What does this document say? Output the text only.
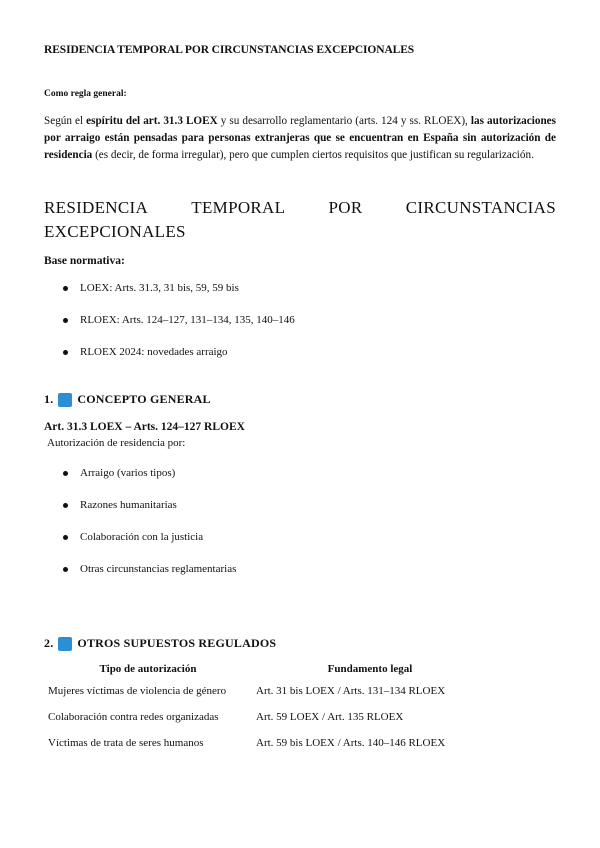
RESIDENCIA TEMPORAL POR CIRCUNSTANCIAS EXCEPCIONALES
Como regla general:
Según el espíritu del art. 31.3 LOEX y su desarrollo reglamentario (arts. 124 y ss. RLOEX), las autorizaciones por arraigo están pensadas para personas extranjeras que se encuentran en España sin autorización de residencia (es decir, de forma irregular), pero que cumplen ciertos requisitos que justifican su regularización.
RESIDENCIA	TEMPORAL	POR	CIRCUNSTANCIAS
EXCEPCIONALES
Base normativa:
LOEX: Arts. 31.3, 31 bis, 59, 59 bis
RLOEX: Arts. 124–127, 131–134, 135, 140–146
RLOEX 2024: novedades arraigo
1. CONCEPTO GENERAL
Art. 31.3 LOEX – Arts. 124–127 RLOEX
Autorización de residencia por:
Arraigo (varios tipos)
Razones humanitarias
Colaboración con la justicia
Otras circunstancias reglamentarias
2. OTROS SUPUESTOS REGULADOS
Tipo de autorización	Fundamento legal
Mujeres víctimas de violencia de género	Art. 31 bis LOEX / Arts. 131–134 RLOEX
Colaboración contra redes organizadas	Art. 59 LOEX / Art. 135 RLOEX
Víctimas de trata de seres humanos	Art. 59 bis LOEX / Arts. 140–146 RLOEX
